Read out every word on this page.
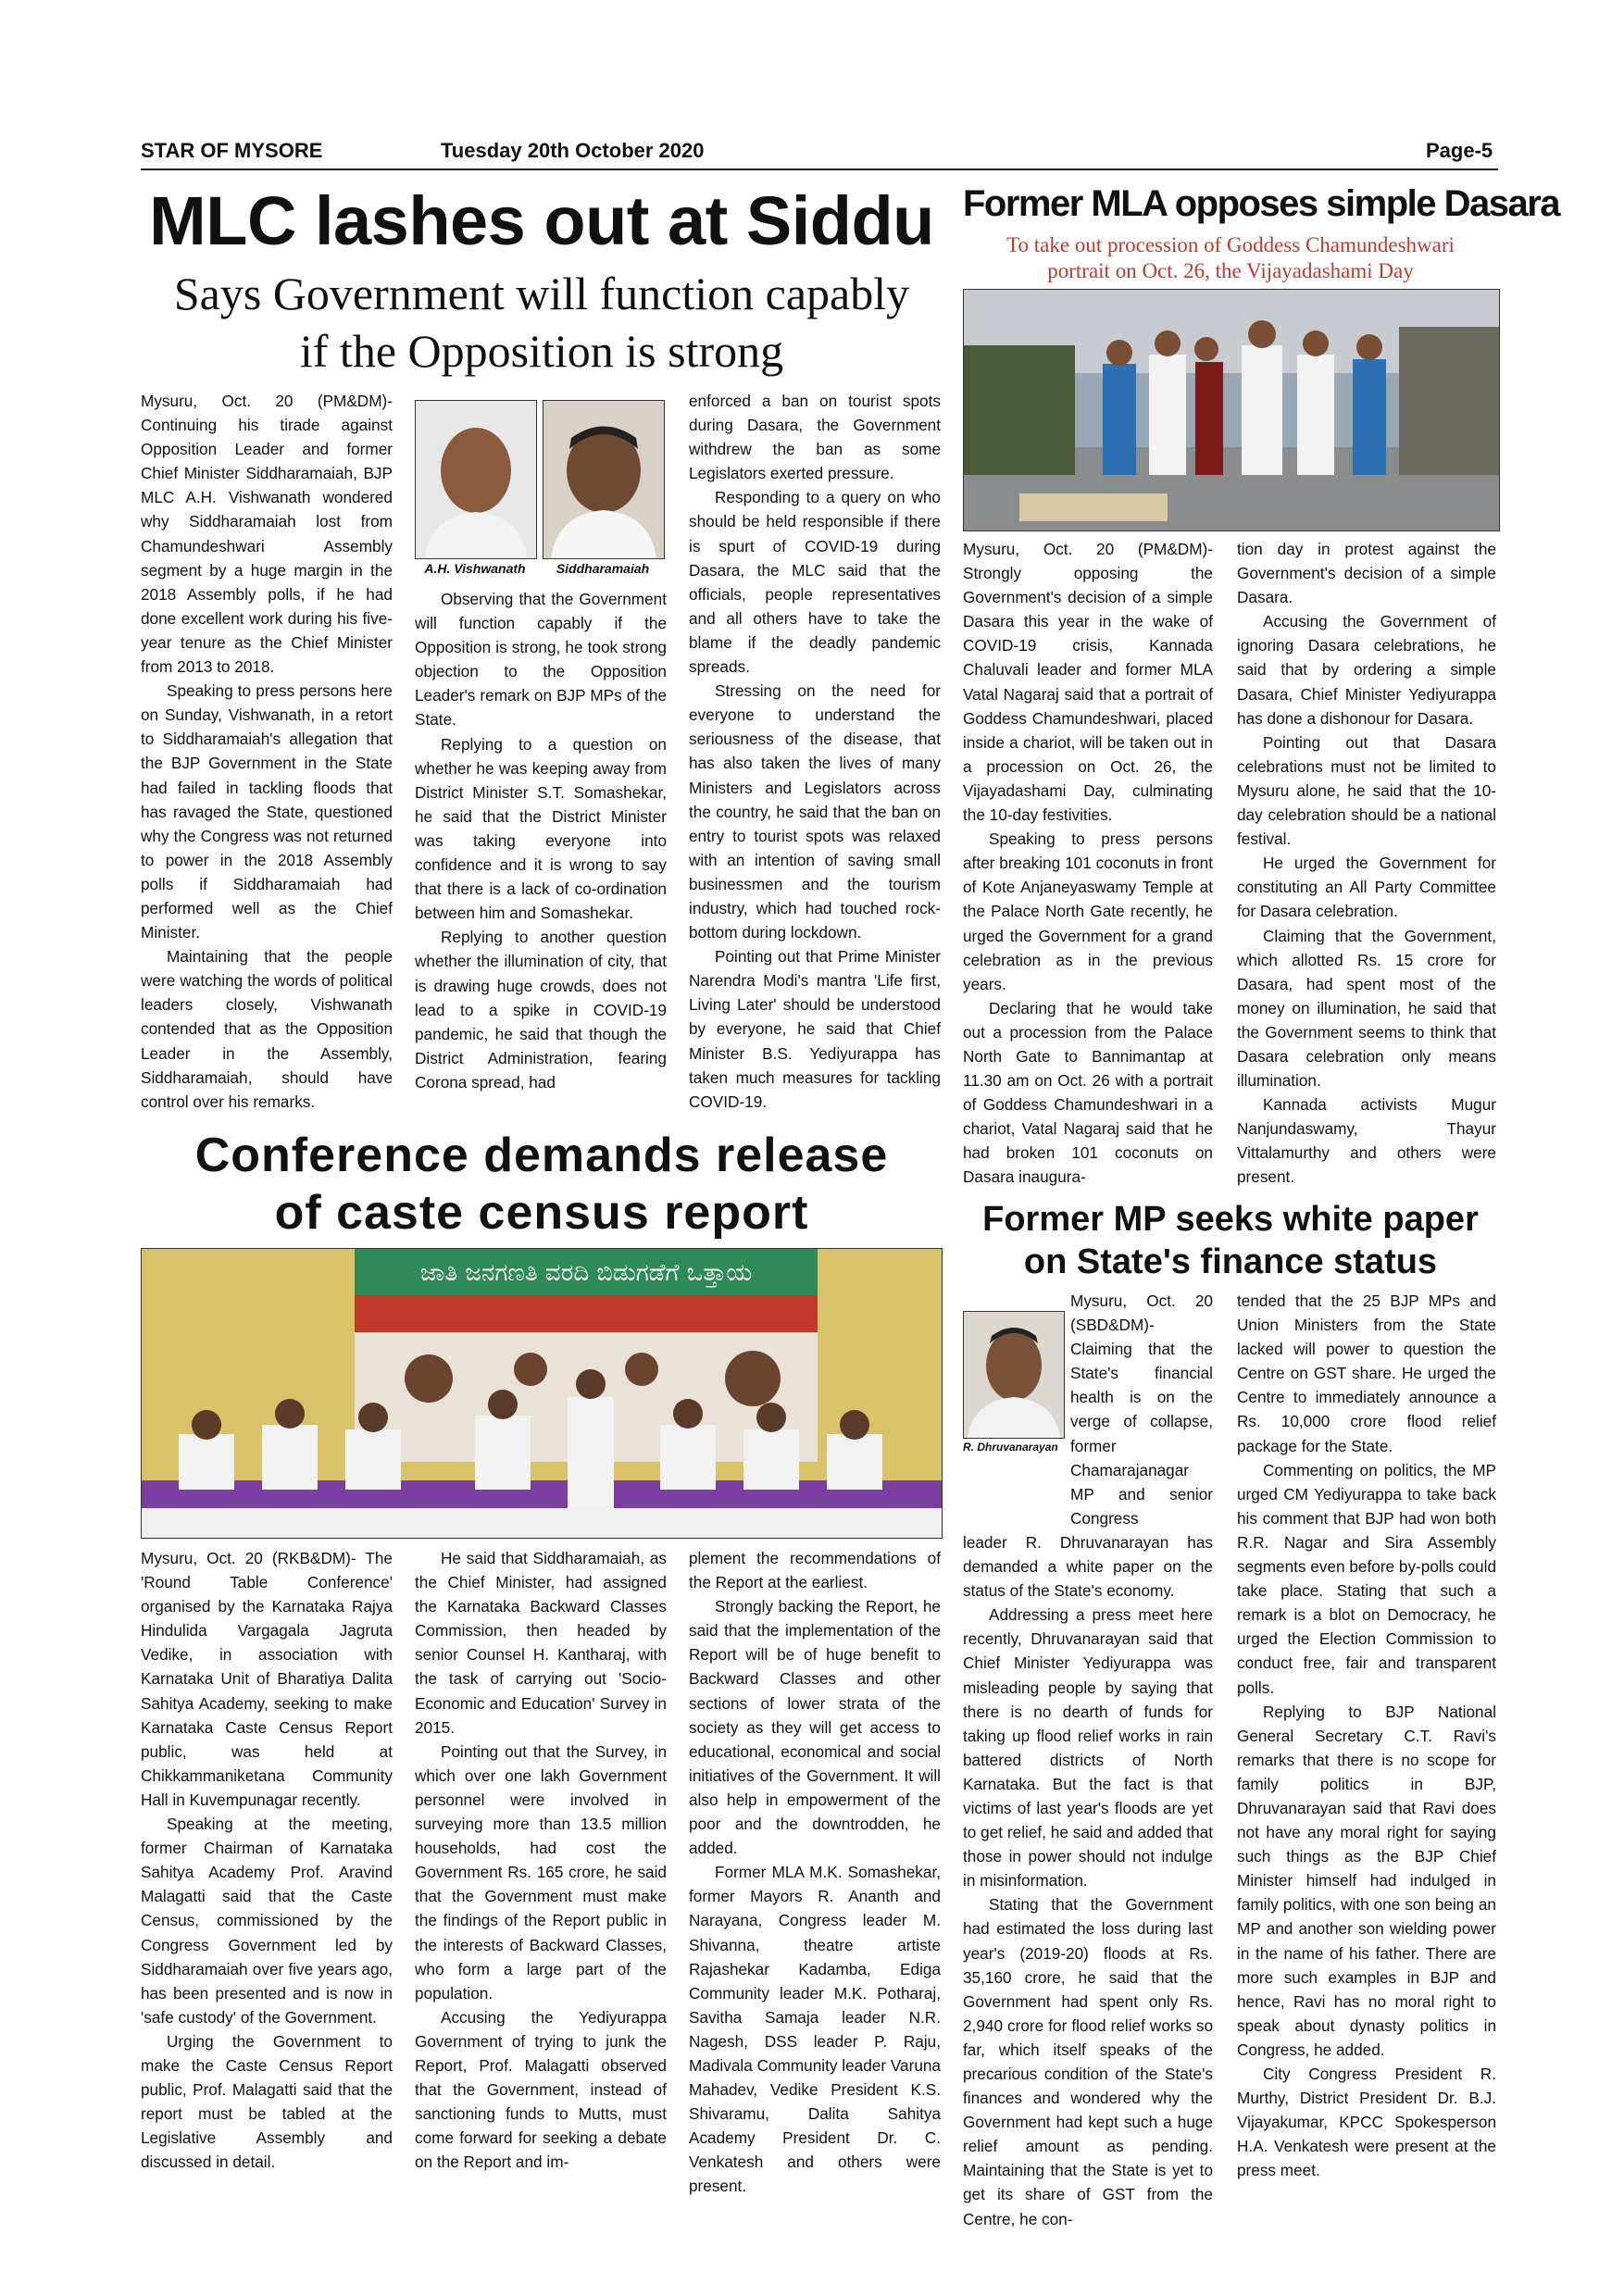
STAR OF MYSORE	Tuesday 20th October 2020	Page-5
MLC lashes out at Siddu
Says Government will function capably
if the Opposition is strong

Mysuru, Oct. 20 (PM&DM)- Continuing his tirade against Opposition Leader and former Chief Minister Siddharamaiah, BJP MLC A.H. Vishwanath wondered why Siddharamaiah lost from Chamundeshwari Assembly segment by a huge margin in the 2018 Assembly polls, if he had done excellent work during his five-year tenure as the Chief Minister from 2013 to 2018.

Speaking to press persons here on Sunday, Vishwanath, in a retort to Siddharamaiah's allegation that the BJP Government in the State had failed in tackling floods that has ravaged the State, questioned why the Congress was not returned to power in the 2018 Assembly polls if Siddharamaiah had performed well as the Chief Minister.

Maintaining that the people were watching the words of political leaders closely, Vishwanath contended that as the Opposition Leader in the Assembly, Siddharamaiah, should have control over his remarks.

A.H. Vishwanath	Siddharamaiah

Observing that the Government will function capably if the Opposition is strong, he took strong objection to the Opposition Leader's remark on BJP MPs of the State.

Replying to a question on whether he was keeping away from District Minister S.T. Somashekar, he said that the District Minister was taking everyone into confidence and it is wrong to say that there is a lack of co-ordination between him and Somashekar.

Replying to another question whether the illumination of city, that is drawing huge crowds, does not lead to a spike in COVID-19 pandemic, he said that though the District Administration, fearing Corona spread, had

enforced a ban on tourist spots during Dasara, the Government withdrew the ban as some Legislators exerted pressure.

Responding to a query on who should be held responsible if there is spurt of COVID-19 during Dasara, the MLC said that the officials, people representatives and all others have to take the blame if the deadly pandemic spreads.

Stressing on the need for everyone to understand the seriousness of the disease, that has also taken the lives of many Ministers and Legislators across the country, he said that the ban on entry to tourist spots was relaxed with an intention of saving small businessmen and the tourism industry, which had touched rock-bottom during lockdown.

Pointing out that Prime Minister Narendra Modi's mantra 'Life first, Living Later' should be understood by everyone, he said that Chief Minister B.S. Yediyurappa has taken much measures for tackling COVID-19.

Former MLA opposes simple Dasara
To take out procession of Goddess Chamundeshwari
portrait on Oct. 26, the Vijayadashami Day

Mysuru, Oct. 20 (PM&DM)- Strongly opposing the Government's decision of a simple Dasara this year in the wake of COVID-19 crisis, Kannada Chaluvali leader and former MLA Vatal Nagaraj said that a portrait of Goddess Chamundeshwari, placed inside a chariot, will be taken out in a procession on Oct. 26, the Vijayadashami Day, culminating the 10-day festivities.

Speaking to press persons after breaking 101 coconuts in front of Kote Anjaneyaswamy Temple at the Palace North Gate recently, he urged the Government for a grand celebration as in the previous years.

Declaring that he would take out a procession from the Palace North Gate to Bannimantap at 11.30 am on Oct. 26 with a portrait of Goddess Chamundeshwari in a chariot, Vatal Nagaraj said that he had broken 101 coconuts on Dasara inaugura-

tion day in protest against the Government's decision of a simple Dasara.

Accusing the Government of ignoring Dasara celebrations, he said that by ordering a simple Dasara, Chief Minister Yediyurappa has done a dishonour for Dasara.

Pointing out that Dasara celebrations must not be limited to Mysuru alone, he said that the 10-day celebration should be a national festival.

He urged the Government for constituting an All Party Committee for Dasara celebration.

Claiming that the Government, which allotted Rs. 15 crore for Dasara, had spent most of the money on illumination, he said that the Government seems to think that Dasara celebration only means illumination.

Kannada activists Mugur Nanjundaswamy, Thayur Vittalamurthy and others were present.

Conference demands release
of caste census report
ಜಾತಿ ಜನಗಣತಿ ವರದಿ ಬಿಡುಗಡೆಗೆ ಒತ್ತಾಯ

Mysuru, Oct. 20 (RKB&DM)- The 'Round Table Conference' organised by the Karnataka Rajya Hindulida Vargagala Jagruta Vedike, in association with Karnataka Unit of Bharatiya Dalita Sahitya Academy, seeking to make Karnataka Caste Census Report public, was held at Chikkammaniketana Community Hall in Kuvempunagar recently.

Speaking at the meeting, former Chairman of Karnataka Sahitya Academy Prof. Aravind Malagatti said that the Caste Census, commissioned by the Congress Government led by Siddharamaiah over five years ago, has been presented and is now in 'safe custody' of the Government.

Urging the Government to make the Caste Census Report public, Prof. Malagatti said that the report must be tabled at the Legislative Assembly and discussed in detail.

He said that Siddharamaiah, as the Chief Minister, had assigned the Karnataka Backward Classes Commission, then headed by senior Counsel H. Kantharaj, with the task of carrying out 'Socio-Economic and Education' Survey in 2015.

Pointing out that the Survey, in which over one lakh Government personnel were involved in surveying more than 13.5 million households, had cost the Government Rs. 165 crore, he said that the Government must make the findings of the Report public in the interests of Backward Classes, who form a large part of the population.

Accusing the Yediyurappa Government of trying to junk the Report, Prof. Malagatti observed that the Government, instead of sanctioning funds to Mutts, must come forward for seeking a debate on the Report and im-

plement the recommendations of the Report at the earliest.

Strongly backing the Report, he said that the implementation of the Report will be of huge benefit to Backward Classes and other sections of lower strata of the society as they will get access to educational, economical and social initiatives of the Government. It will also help in empowerment of the poor and the downtrodden, he added.

Former MLA M.K. Somashekar, former Mayors R. Ananth and Narayana, Congress leader M. Shivanna, theatre artiste Rajashekar Kadamba, Ediga Community leader M.K. Potharaj, Savitha Samaja leader N.R. Nagesh, DSS leader P. Raju, Madivala Community leader Varuna Mahadev, Vedike President K.S. Shivaramu, Dalita Sahitya Academy President Dr. C. Venkatesh and others were present.

Former MP seeks white paper
on State's finance status
R. Dhruvanarayan

Mysuru, Oct. 20 (SBD&DM)- Claiming that the State's financial health is on the verge of collapse, former Chamarajanagar MP and senior Congress

leader R. Dhruvanarayan has demanded a white paper on the status of the State's economy.

Addressing a press meet here recently, Dhruvanarayan said that Chief Minister Yediyurappa was misleading people by saying that there is no dearth of funds for taking up flood relief works in rain battered districts of North Karnataka. But the fact is that victims of last year's floods are yet to get relief, he said and added that those in power should not indulge in misinformation.

Stating that the Government had estimated the loss during last year's (2019-20) floods at Rs. 35,160 crore, he said that the Government had spent only Rs. 2,940 crore for flood relief works so far, which itself speaks of the precarious condition of the State's finances and wondered why the Government had kept such a huge relief amount as pending. Maintaining that the State is yet to get its share of GST from the Centre, he con-

tended that the 25 BJP MPs and Union Ministers from the State lacked will power to question the Centre on GST share. He urged the Centre to immediately announce a Rs. 10,000 crore flood relief package for the State.

Commenting on politics, the MP urged CM Yediyurappa to take back his comment that BJP had won both R.R. Nagar and Sira Assembly segments even before by-polls could take place. Stating that such a remark is a blot on Democracy, he urged the Election Commission to conduct free, fair and transparent polls.

Replying to BJP National General Secretary C.T. Ravi's remarks that there is no scope for family politics in BJP, Dhruvanarayan said that Ravi does not have any moral right for saying such things as the BJP Chief Minister himself had indulged in family politics, with one son being an MP and another son wielding power in the name of his father. There are more such examples in BJP and hence, Ravi has no moral right to speak about dynasty politics in Congress, he added.

City Congress President R. Murthy, District President Dr. B.J. Vijayakumar, KPCC Spokesperson H.A. Venkatesh were present at the press meet.
